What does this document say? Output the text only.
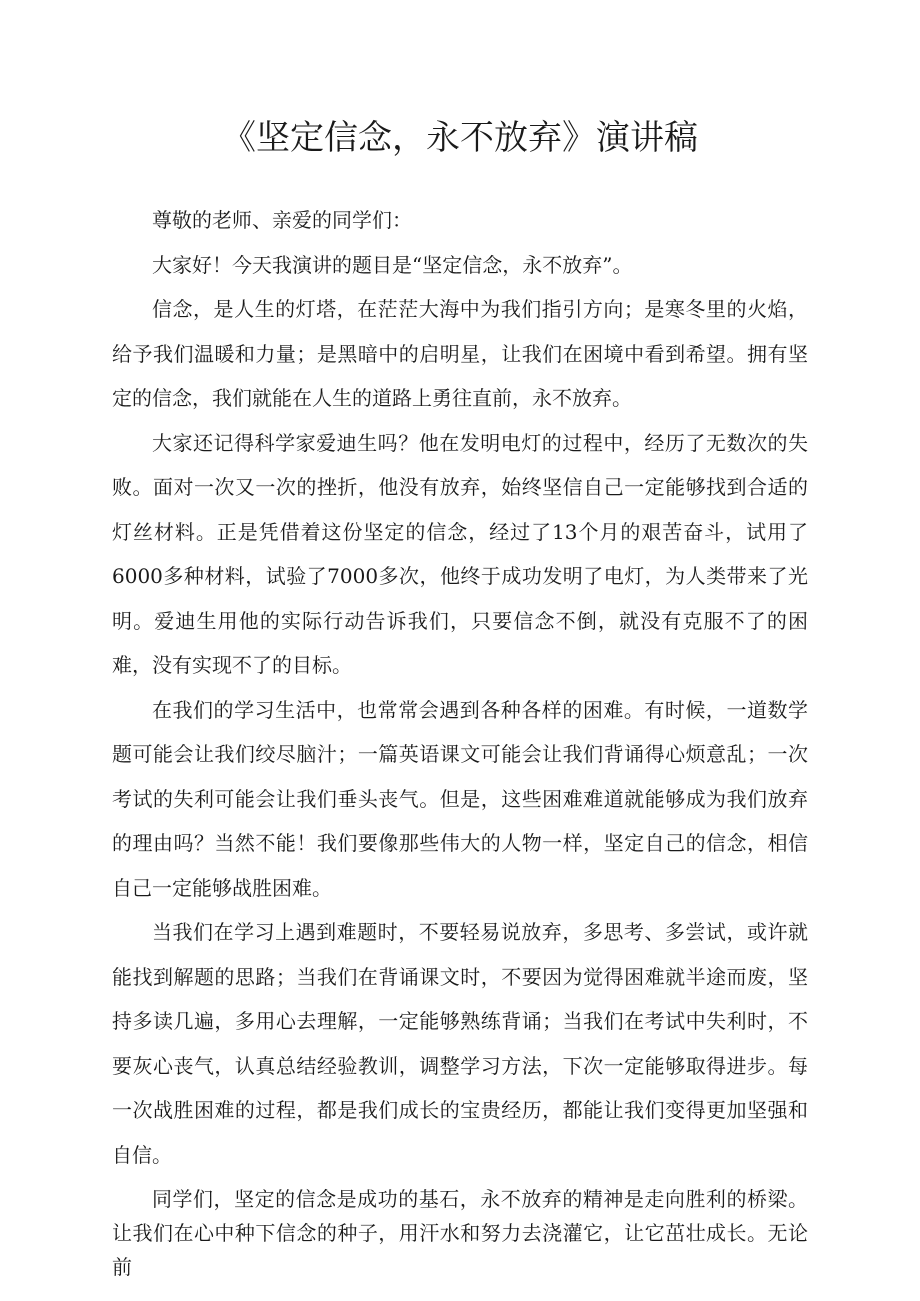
《坚定信念，永不放弃》演讲稿

尊敬的老师、亲爱的同学们：

大家好！今天我演讲的题目是“坚定信念，永不放弃”。

信念，是人生的灯塔，在茫茫大海中为我们指引方向；是寒冬里的火焰，给予我们温暖和力量；是黑暗中的启明星，让我们在困境中看到希望。拥有坚定的信念，我们就能在人生的道路上勇往直前，永不放弃。

大家还记得科学家爱迪生吗？他在发明电灯的过程中，经历了无数次的失败。面对一次又一次的挫折，他没有放弃，始终坚信自己一定能够找到合适的灯丝材料。正是凭借着这份坚定的信念，经过了13个月的艰苦奋斗，试用了6000多种材料，试验了7000多次，他终于成功发明了电灯，为人类带来了光明。爱迪生用他的实际行动告诉我们，只要信念不倒，就没有克服不了的困难，没有实现不了的目标。

在我们的学习生活中，也常常会遇到各种各样的困难。有时候，一道数学题可能会让我们绞尽脑汁；一篇英语课文可能会让我们背诵得心烦意乱；一次考试的失利可能会让我们垂头丧气。但是，这些困难难道就能够成为我们放弃的理由吗？当然不能！我们要像那些伟大的人物一样，坚定自己的信念，相信自己一定能够战胜困难。

当我们在学习上遇到难题时，不要轻易说放弃，多思考、多尝试，或许就能找到解题的思路；当我们在背诵课文时，不要因为觉得困难就半途而废，坚持多读几遍，多用心去理解，一定能够熟练背诵；当我们在考试中失利时，不要灰心丧气，认真总结经验教训，调整学习方法，下次一定能够取得进步。每一次战胜困难的过程，都是我们成长的宝贵经历，都能让我们变得更加坚强和自信。

同学们，坚定的信念是成功的基石，永不放弃的精神是走向胜利的桥梁。让我们在心中种下信念的种子，用汗水和努力去浇灌它，让它茁壮成长。无论前
